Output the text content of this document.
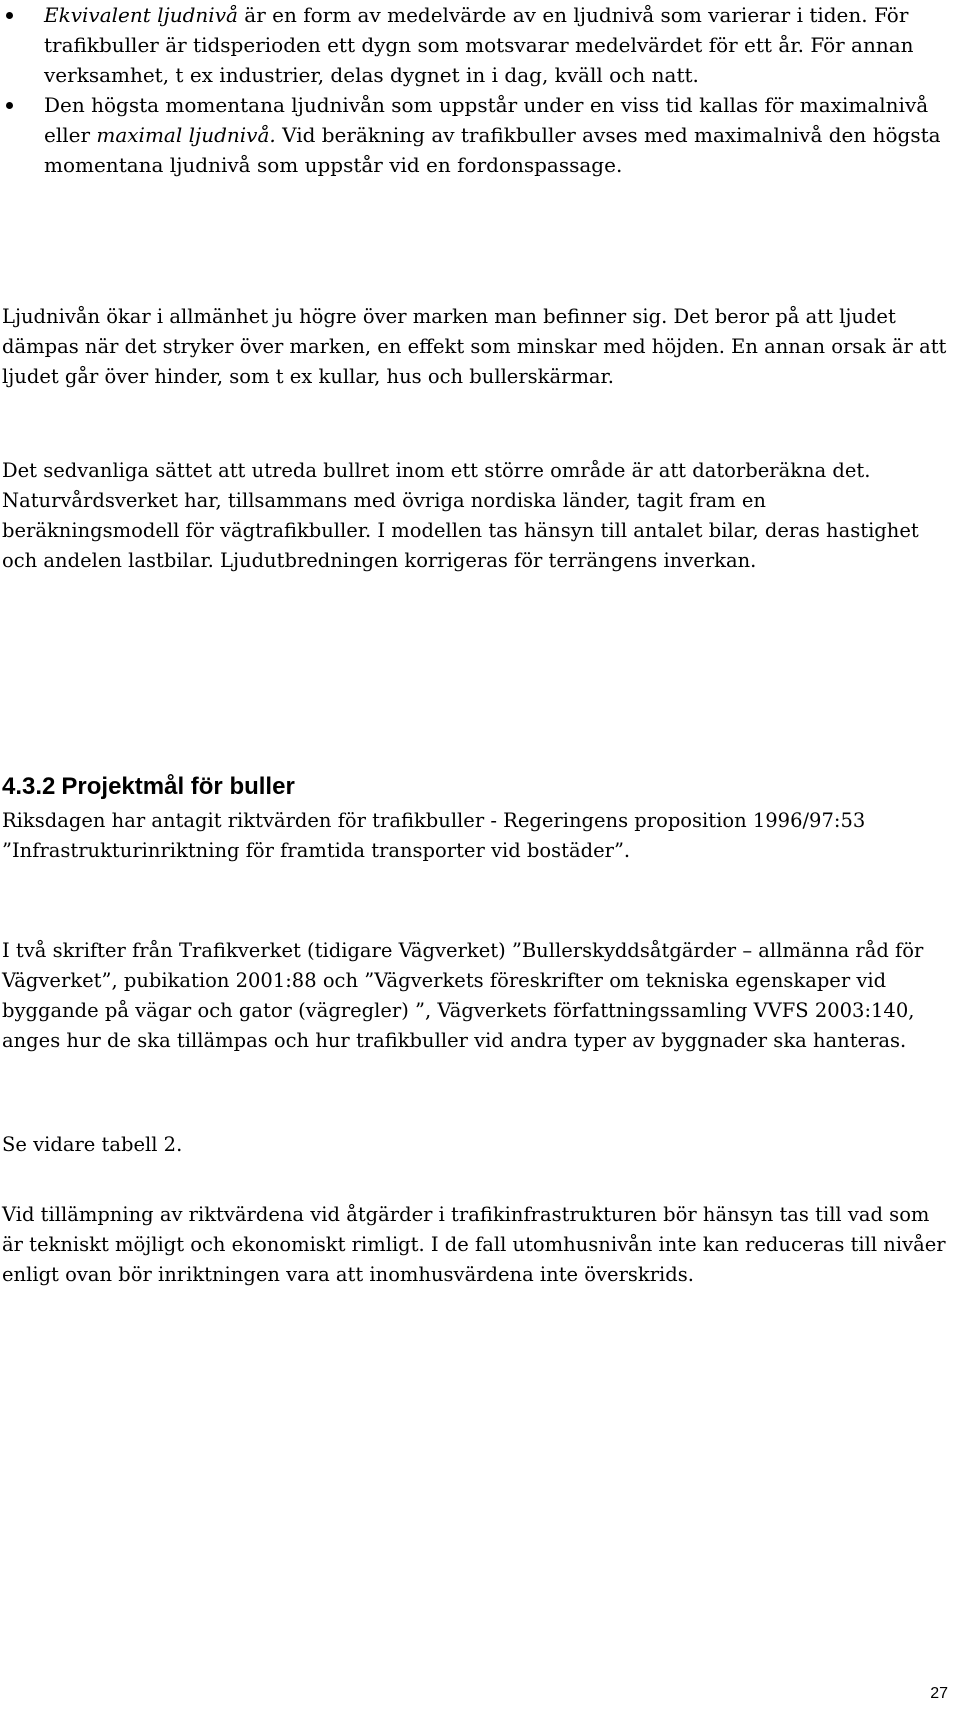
Ekvivalent ljudnivå är en form av medelvärde av en ljudnivå som varierar i tiden. För trafikbuller är tidsperioden ett dygn som motsvarar medelvärdet för ett år. För annan verksamhet, t ex industrier, delas dygnet in i dag, kväll och natt.
Den högsta momentana ljudnivån som uppstår under en viss tid kallas för maximalnivå eller maximal ljudnivå. Vid beräkning av trafikbuller avses med maximalnivå den högsta momentana ljudnivå som uppstår vid en fordonspassage.

Ljudnivån ökar i allmänhet ju högre över marken man befinner sig. Det beror på att ljudet dämpas när det stryker över marken, en effekt som minskar med höjden. En annan orsak är att ljudet går över hinder, som t ex kullar, hus och bullerskärmar.

Det sedvanliga sättet att utreda bullret inom ett större område är att datorberäkna det. Naturvårdsverket har, tillsammans med övriga nordiska länder, tagit fram en beräkningsmodell för vägtrafikbuller. I modellen tas hänsyn till antalet bilar, deras hastighet och andelen lastbilar. Ljudutbredningen korrigeras för terrängens inverkan.

4.3.2 Projektmål för buller

Riksdagen har antagit riktvärden för trafikbuller - Regeringens proposition 1996/97:53 ”Infrastrukturinriktning för framtida transporter vid bostäder”.

I två skrifter från Trafikverket (tidigare Vägverket) ”Bullerskyddsåtgärder – allmänna råd för Vägverket”, pubikation 2001:88 och ”Vägverkets föreskrifter om tekniska egenskaper vid byggande på vägar och gator (vägregler) ”, Vägverkets författningssamling VVFS 2003:140, anges hur de ska tillämpas och hur trafikbuller vid andra typer av byggnader ska hanteras.

Se vidare tabell 2.

Vid tillämpning av riktvärdena vid åtgärder i trafikinfrastrukturen bör hänsyn tas till vad som är tekniskt möjligt och ekonomiskt rimligt. I de fall utomhusnivån inte kan reduceras till nivåer enligt ovan bör inriktningen vara att inomhusvärdena inte överskrids.

27
